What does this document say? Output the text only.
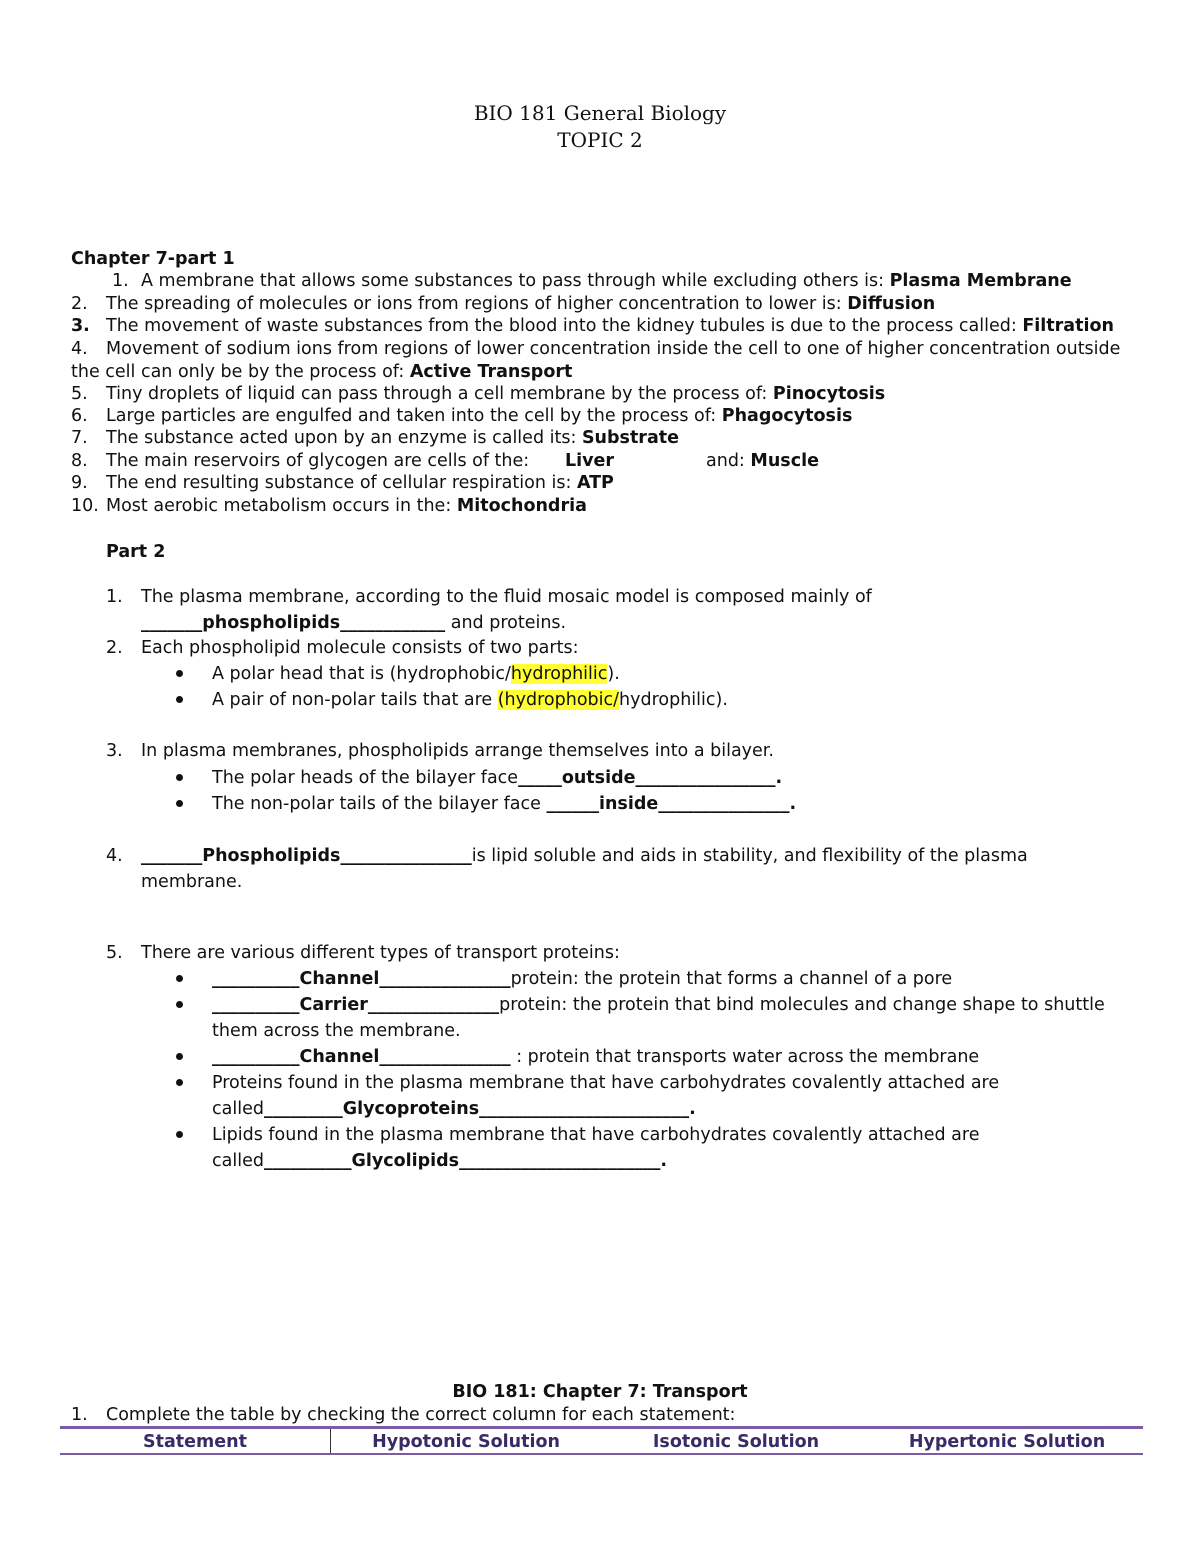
BIO 181 General Biology
TOPIC 2
Chapter 7-part 1
1. A membrane that allows some substances to pass through while excluding others is: Plasma Membrane
2. The spreading of molecules or ions from regions of higher concentration to lower is: Diffusion
3. The movement of waste substances from the blood into the kidney tubules is due to the process called: Filtration
4. Movement of sodium ions from regions of lower concentration inside the cell to one of higher concentration outside
the cell can only be by the process of: Active Transport
5. Tiny droplets of liquid can pass through a cell membrane by the process of: Pinocytosis
6. Large particles are engulfed and taken into the cell by the process of: Phagocytosis
7. The substance acted upon by an enzyme is called its: Substrate
8. The main reservoirs of glycogen are cells of the: Liver	and: Muscle
9. The end resulting substance of cellular respiration is: ATP
10. Most aerobic metabolism occurs in the: Mitochondria
Part 2
1. The plasma membrane, according to the fluid mosaic model is composed mainly of
_______phospholipids____________ and proteins.
2. Each phospholipid molecule consists of two parts:
A polar head that is (hydrophobic/hydrophilic).
A pair of non-polar tails that are (hydrophobic/hydrophilic).
3. In plasma membranes, phospholipids arrange themselves into a bilayer.
The polar heads of the bilayer face_____outside________________.
The non-polar tails of the bilayer face ______inside_______________.
4. _______Phospholipids_______________is lipid soluble and aids in stability, and flexibility of the plasma
membrane.
5. There are various different types of transport proteins:
__________Channel_______________protein: the protein that forms a channel of a pore
__________Carrier_______________protein: the protein that bind molecules and change shape to shuttle
them across the membrane.
__________Channel_______________ : protein that transports water across the membrane
Proteins found in the plasma membrane that have carbohydrates covalently attached are
called_________Glycoproteins________________________.
Lipids found in the plasma membrane that have carbohydrates covalently attached are
called__________Glycolipids_______________________.
BIO 181: Chapter 7: Transport
1. Complete the table by checking the correct column for each statement:
Statement	Hypotonic Solution	Isotonic Solution	Hypertonic Solution
